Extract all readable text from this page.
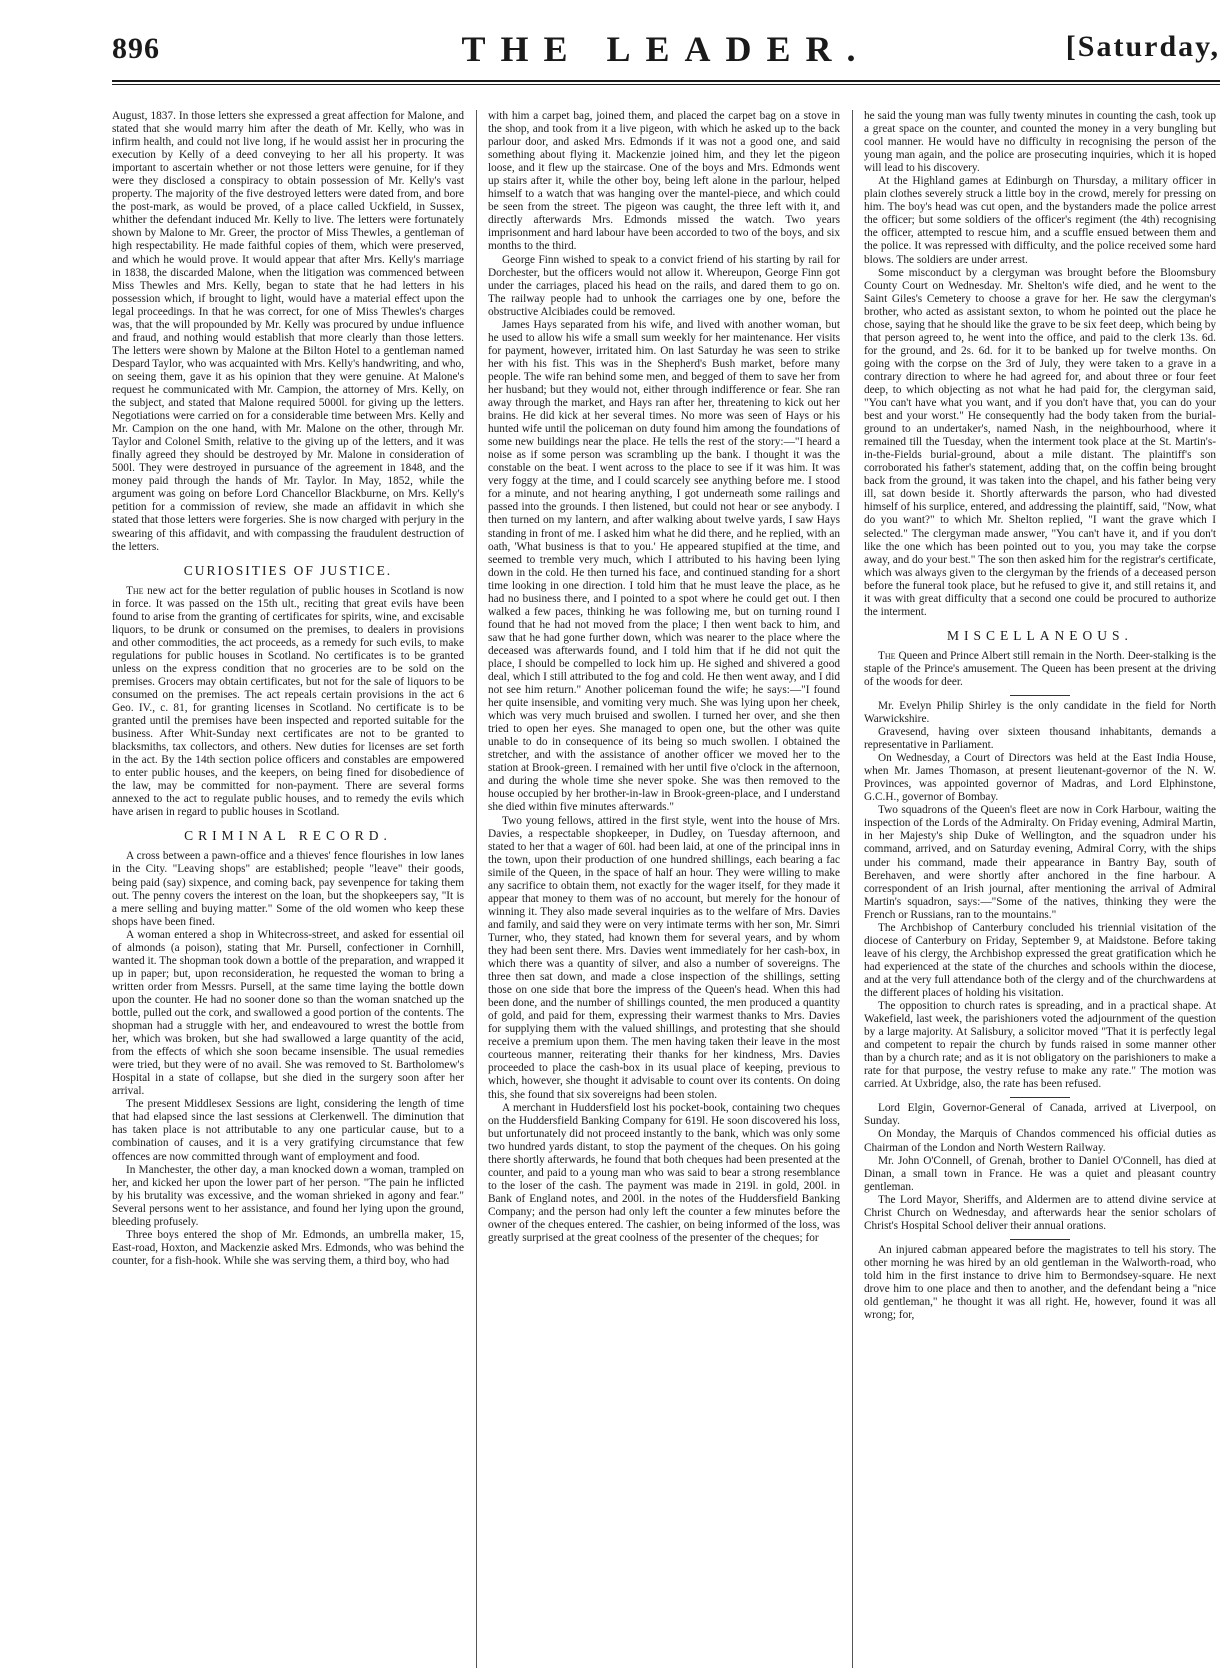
896	THE LEADER.	[Saturday,

August, 1837. In those letters she expressed a great affection for Malone, and stated that she would marry him after the death of Mr. Kelly, who was in infirm health, and could not live long, if he would assist her in procuring the execution by Kelly of a deed conveying to her all his property. It was important to ascertain whether or not those letters were genuine, for if they were they disclosed a conspiracy to obtain possession of Mr. Kelly's vast property. The majority of the five destroyed letters were dated from, and bore the post-mark, as would be proved, of a place called Uckfield, in Sussex, whither the defendant induced Mr. Kelly to live. The letters were fortunately shown by Malone to Mr. Greer, the proctor of Miss Thewles, a gentleman of high respectability. He made faithful copies of them, which were preserved, and which he would prove. It would appear that after Mrs. Kelly's marriage in 1838, the discarded Malone, when the litigation was commenced between Miss Thewles and Mrs. Kelly, began to state that he had letters in his possession which, if brought to light, would have a material effect upon the legal proceedings. In that he was correct, for one of Miss Thewles's charges was, that the will propounded by Mr. Kelly was procured by undue influence and fraud, and nothing would establish that more clearly than those letters. The letters were shown by Malone at the Bilton Hotel to a gentleman named Despard Taylor, who was acquainted with Mrs. Kelly's handwriting, and who, on seeing them, gave it as his opinion that they were genuine. At Malone's request he communicated with Mr. Campion, the attorney of Mrs. Kelly, on the subject, and stated that Malone required 5000l. for giving up the letters. Negotiations were carried on for a considerable time between Mrs. Kelly and Mr. Campion on the one hand, with Mr. Malone on the other, through Mr. Taylor and Colonel Smith, relative to the giving up of the letters, and it was finally agreed they should be destroyed by Mr. Malone in consideration of 500l. They were destroyed in pursuance of the agreement in 1848, and the money paid through the hands of Mr. Taylor. In May, 1852, while the argument was going on before Lord Chancellor Blackburne, on Mrs. Kelly's petition for a commission of review, she made an affidavit in which she stated that those letters were forgeries. She is now charged with perjury in the swearing of this affidavit, and with compassing the fraudulent destruction of the letters.

CURIOSITIES OF JUSTICE.

The new act for the better regulation of public houses in Scotland is now in force. It was passed on the 15th ult., reciting that great evils have been found to arise from the granting of certificates for spirits, wine, and excisable liquors, to be drunk or consumed on the premises, to dealers in provisions and other commodities, the act proceeds, as a remedy for such evils, to make regulations for public houses in Scotland. No certificates is to be granted unless on the express condition that no groceries are to be sold on the premises. Grocers may obtain certificates, but not for the sale of liquors to be consumed on the premises. The act repeals certain provisions in the act 6 Geo. IV., c. 81, for granting licenses in Scotland. No certificate is to be granted until the premises have been inspected and reported suitable for the business. After Whit-Sunday next certificates are not to be granted to blacksmiths, tax collectors, and others. New duties for licenses are set forth in the act. By the 14th section police officers and constables are empowered to enter public houses, and the keepers, on being fined for disobedience of the law, may be committed for non-payment. There are several forms annexed to the act to regulate public houses, and to remedy the evils which have arisen in regard to public houses in Scotland.

CRIMINAL RECORD.

A cross between a pawn-office and a thieves' fence flourishes in low lanes in the City. "Leaving shops" are established; people "leave" their goods, being paid (say) sixpence, and coming back, pay sevenpence for taking them out. The penny covers the interest on the loan, but the shopkeepers say, "It is a mere selling and buying matter." Some of the old women who keep these shops have been fined.

A woman entered a shop in Whitecross-street, and asked for essential oil of almonds (a poison), stating that Mr. Pursell, confectioner in Cornhill, wanted it. The shopman took down a bottle of the preparation, and wrapped it up in paper; but, upon reconsideration, he requested the woman to bring a written order from Messrs. Pursell, at the same time laying the bottle down upon the counter. He had no sooner done so than the woman snatched up the bottle, pulled out the cork, and swallowed a good portion of the contents. The shopman had a struggle with her, and endeavoured to wrest the bottle from her, which was broken, but she had swallowed a large quantity of the acid, from the effects of which she soon became insensible. The usual remedies were tried, but they were of no avail. She was removed to St. Bartholomew's Hospital in a state of collapse, but she died in the surgery soon after her arrival.

The present Middlesex Sessions are light, considering the length of time that had elapsed since the last sessions at Clerkenwell. The diminution that has taken place is not attributable to any one particular cause, but to a combination of causes, and it is a very gratifying circumstance that few offences are now committed through want of employment and food.

In Manchester, the other day, a man knocked down a woman, trampled on her, and kicked her upon the lower part of her person. "The pain he inflicted by his brutality was excessive, and the woman shrieked in agony and fear." Several persons went to her assistance, and found her lying upon the ground, bleeding profusely.

Three boys entered the shop of Mr. Edmonds, an umbrella maker, 15, East-road, Hoxton, and Mackenzie asked Mrs. Edmonds, who was behind the counter, for a fish-hook. While she was serving them, a third boy, who had

with him a carpet bag, joined them, and placed the carpet bag on a stove in the shop, and took from it a live pigeon, with which he asked up to the back parlour door, and asked Mrs. Edmonds if it was not a good one, and said something about flying it. Mackenzie joined him, and they let the pigeon loose, and it flew up the staircase. One of the boys and Mrs. Edmonds went up stairs after it, while the other boy, being left alone in the parlour, helped himself to a watch that was hanging over the mantel-piece, and which could be seen from the street. The pigeon was caught, the three left with it, and directly afterwards Mrs. Edmonds missed the watch. Two years imprisonment and hard labour have been accorded to two of the boys, and six months to the third.

George Finn wished to speak to a convict friend of his starting by rail for Dorchester, but the officers would not allow it. Whereupon, George Finn got under the carriages, placed his head on the rails, and dared them to go on. The railway people had to unhook the carriages one by one, before the obstructive Alcibiades could be removed.

James Hays separated from his wife, and lived with another woman, but he used to allow his wife a small sum weekly for her maintenance. Her visits for payment, however, irritated him. On last Saturday he was seen to strike her with his fist. This was in the Shepherd's Bush market, before many people. The wife ran behind some men, and begged of them to save her from her husband; but they would not, either through indifference or fear. She ran away through the market, and Hays ran after her, threatening to kick out her brains. He did kick at her several times. No more was seen of Hays or his hunted wife until the policeman on duty found him among the foundations of some new buildings near the place. He tells the rest of the story:—"I heard a noise as if some person was scrambling up the bank. I thought it was the constable on the beat. I went across to the place to see if it was him. It was very foggy at the time, and I could scarcely see anything before me. I stood for a minute, and not hearing anything, I got underneath some railings and passed into the grounds. I then listened, but could not hear or see anybody. I then turned on my lantern, and after walking about twelve yards, I saw Hays standing in front of me. I asked him what he did there, and he replied, with an oath, 'What business is that to you.' He appeared stupified at the time, and seemed to tremble very much, which I attributed to his having been lying down in the cold. He then turned his face, and continued standing for a short time looking in one direction. I told him that he must leave the place, as he had no business there, and I pointed to a spot where he could get out. I then walked a few paces, thinking he was following me, but on turning round I found that he had not moved from the place; I then went back to him, and saw that he had gone further down, which was nearer to the place where the deceased was afterwards found, and I told him that if he did not quit the place, I should be compelled to lock him up. He sighed and shivered a good deal, which I still attributed to the fog and cold. He then went away, and I did not see him return." Another policeman found the wife; he says:—"I found her quite insensible, and vomiting very much. She was lying upon her cheek, which was very much bruised and swollen. I turned her over, and she then tried to open her eyes. She managed to open one, but the other was quite unable to do in consequence of its being so much swollen. I obtained the stretcher, and with the assistance of another officer we moved her to the station at Brook-green. I remained with her until five o'clock in the afternoon, and during the whole time she never spoke. She was then removed to the house occupied by her brother-in-law in Brook-green-place, and I understand she died within five minutes afterwards."

Two young fellows, attired in the first style, went into the house of Mrs. Davies, a respectable shopkeeper, in Dudley, on Tuesday afternoon, and stated to her that a wager of 60l. had been laid, at one of the principal inns in the town, upon their production of one hundred shillings, each bearing a fac simile of the Queen, in the space of half an hour. They were willing to make any sacrifice to obtain them, not exactly for the wager itself, for they made it appear that money to them was of no account, but merely for the honour of winning it. They also made several inquiries as to the welfare of Mrs. Davies and family, and said they were on very intimate terms with her son, Mr. Simri Turner, who, they stated, had known them for several years, and by whom they had been sent there. Mrs. Davies went immediately for her cash-box, in which there was a quantity of silver, and also a number of sovereigns. The three then sat down, and made a close inspection of the shillings, setting those on one side that bore the impress of the Queen's head. When this had been done, and the number of shillings counted, the men produced a quantity of gold, and paid for them, expressing their warmest thanks to Mrs. Davies for supplying them with the valued shillings, and protesting that she should receive a premium upon them. The men having taken their leave in the most courteous manner, reiterating their thanks for her kindness, Mrs. Davies proceeded to place the cash-box in its usual place of keeping, previous to which, however, she thought it advisable to count over its contents. On doing this, she found that six sovereigns had been stolen.

A merchant in Huddersfield lost his pocket-book, containing two cheques on the Huddersfield Banking Company for 619l. He soon discovered his loss, but unfortunately did not proceed instantly to the bank, which was only some two hundred yards distant, to stop the payment of the cheques. On his going there shortly afterwards, he found that both cheques had been presented at the counter, and paid to a young man who was said to bear a strong resemblance to the loser of the cash. The payment was made in 219l. in gold, 200l. in Bank of England notes, and 200l. in the notes of the Huddersfield Banking Company; and the person had only left the counter a few minutes before the owner of the cheques entered. The cashier, on being informed of the loss, was greatly surprised at the great coolness of the presenter of the cheques; for

he said the young man was fully twenty minutes in counting the cash, took up a great space on the counter, and counted the money in a very bungling but cool manner. He would have no difficulty in recognising the person of the young man again, and the police are prosecuting inquiries, which it is hoped will lead to his discovery.

At the Highland games at Edinburgh on Thursday, a military officer in plain clothes severely struck a little boy in the crowd, merely for pressing on him. The boy's head was cut open, and the bystanders made the police arrest the officer; but some soldiers of the officer's regiment (the 4th) recognising the officer, attempted to rescue him, and a scuffle ensued between them and the police. It was repressed with difficulty, and the police received some hard blows. The soldiers are under arrest.

Some misconduct by a clergyman was brought before the Bloomsbury County Court on Wednesday. Mr. Shelton's wife died, and he went to the Saint Giles's Cemetery to choose a grave for her. He saw the clergyman's brother, who acted as assistant sexton, to whom he pointed out the place he chose, saying that he should like the grave to be six feet deep, which being by that person agreed to, he went into the office, and paid to the clerk 13s. 6d. for the ground, and 2s. 6d. for it to be banked up for twelve months. On going with the corpse on the 3rd of July, they were taken to a grave in a contrary direction to where he had agreed for, and about three or four feet deep, to which objecting as not what he had paid for, the clergyman said, "You can't have what you want, and if you don't have that, you can do your best and your worst." He consequently had the body taken from the burial-ground to an undertaker's, named Nash, in the neighbourhood, where it remained till the Tuesday, when the interment took place at the St. Martin's-in-the-Fields burial-ground, about a mile distant. The plaintiff's son corroborated his father's statement, adding that, on the coffin being brought back from the ground, it was taken into the chapel, and his father being very ill, sat down beside it. Shortly afterwards the parson, who had divested himself of his surplice, entered, and addressing the plaintiff, said, "Now, what do you want?" to which Mr. Shelton replied, "I want the grave which I selected." The clergyman made answer, "You can't have it, and if you don't like the one which has been pointed out to you, you may take the corpse away, and do your best." The son then asked him for the registrar's certificate, which was always given to the clergyman by the friends of a deceased person before the funeral took place, but he refused to give it, and still retains it, and it was with great difficulty that a second one could be procured to authorize the interment.

MISCELLANEOUS.

The Queen and Prince Albert still remain in the North. Deer-stalking is the staple of the Prince's amusement. The Queen has been present at the driving of the woods for deer.

Mr. Evelyn Philip Shirley is the only candidate in the field for North Warwickshire.

Gravesend, having over sixteen thousand inhabitants, demands a representative in Parliament.

On Wednesday, a Court of Directors was held at the East India House, when Mr. James Thomason, at present lieutenant-governor of the N. W. Provinces, was appointed governor of Madras, and Lord Elphinstone, G.C.H., governor of Bombay.

Two squadrons of the Queen's fleet are now in Cork Harbour, waiting the inspection of the Lords of the Admiralty. On Friday evening, Admiral Martin, in her Majesty's ship Duke of Wellington, and the squadron under his command, arrived, and on Saturday evening, Admiral Corry, with the ships under his command, made their appearance in Bantry Bay, south of Berehaven, and were shortly after anchored in the fine harbour. A correspondent of an Irish journal, after mentioning the arrival of Admiral Martin's squadron, says:—"Some of the natives, thinking they were the French or Russians, ran to the mountains."

The Archbishop of Canterbury concluded his triennial visitation of the diocese of Canterbury on Friday, September 9, at Maidstone. Before taking leave of his clergy, the Archbishop expressed the great gratification which he had experienced at the state of the churches and schools within the diocese, and at the very full attendance both of the clergy and of the churchwardens at the different places of holding his visitation.

The opposition to church rates is spreading, and in a practical shape. At Wakefield, last week, the parishioners voted the adjournment of the question by a large majority. At Salisbury, a solicitor moved "That it is perfectly legal and competent to repair the church by funds raised in some manner other than by a church rate; and as it is not obligatory on the parishioners to make a rate for that purpose, the vestry refuse to make any rate." The motion was carried. At Uxbridge, also, the rate has been refused.

Lord Elgin, Governor-General of Canada, arrived at Liverpool, on Sunday.

On Monday, the Marquis of Chandos commenced his official duties as Chairman of the London and North Western Railway.

Mr. John O'Connell, of Grenah, brother to Daniel O'Connell, has died at Dinan, a small town in France. He was a quiet and pleasant country gentleman.

The Lord Mayor, Sheriffs, and Aldermen are to attend divine service at Christ Church on Wednesday, and afterwards hear the senior scholars of Christ's Hospital School deliver their annual orations.

An injured cabman appeared before the magistrates to tell his story. The other morning he was hired by an old gentleman in the Walworth-road, who told him in the first instance to drive him to Bermondsey-square. He next drove him to one place and then to another, and the defendant being a "nice old gentleman," he thought it was all right. He, however, found it was all wrong; for,
